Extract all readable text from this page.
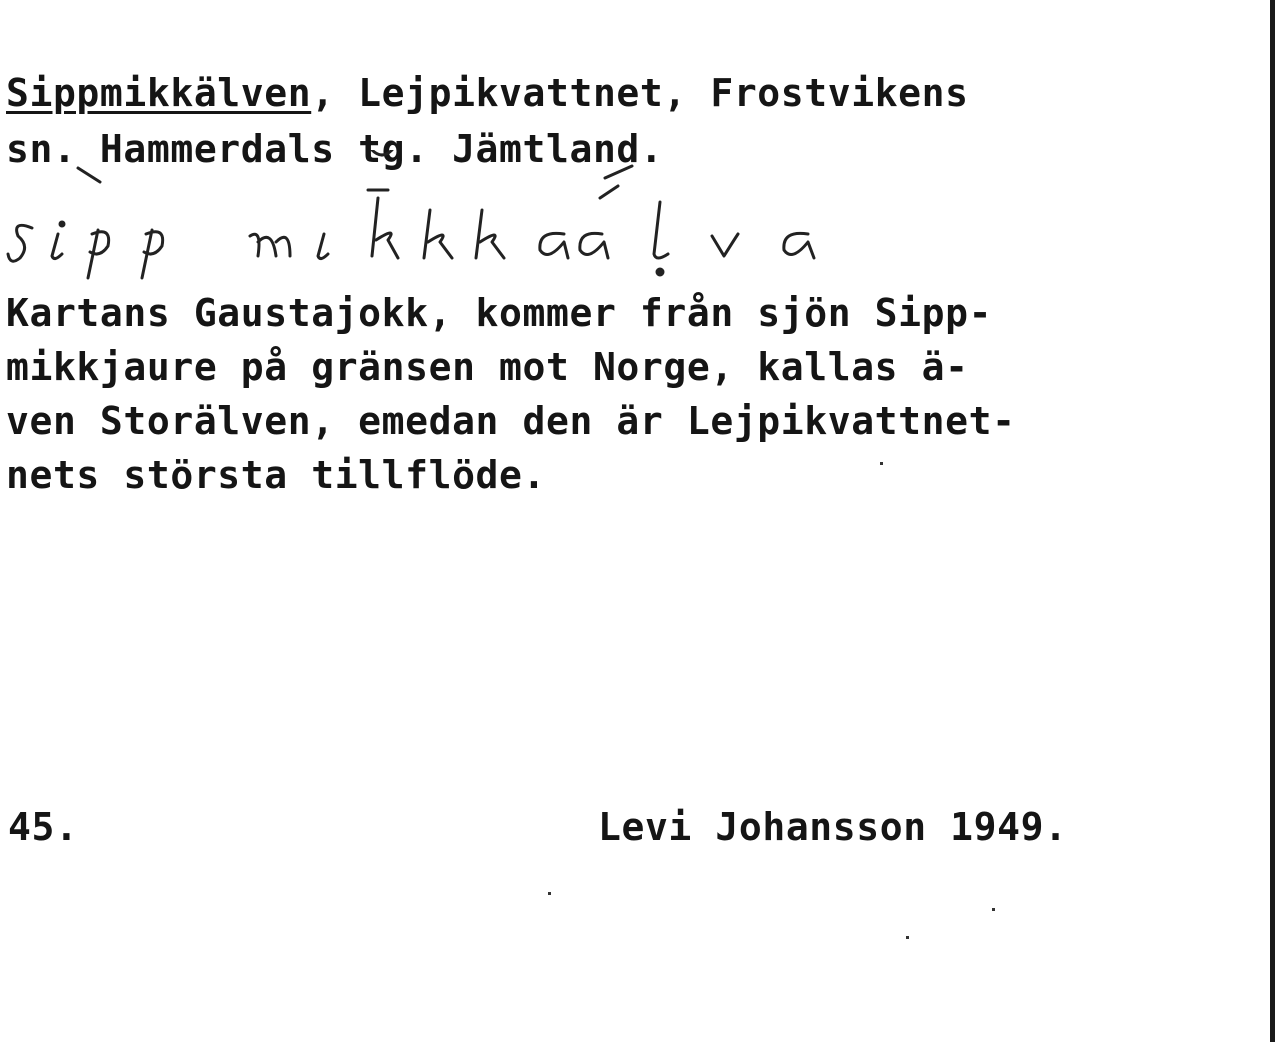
Sippmikkälven, Lejpikvattnet, Frostvikens

sn. Hammerdals tg. Jämtland.

Kartans Gaustajokk, kommer från sjön Sipp-
mikkjaure på gränsen mot Norge, kallas ä-
ven Storälven, emedan den är Lejpikvattnet-
nets största tillflöde.

45.	Levi Johansson 1949.
